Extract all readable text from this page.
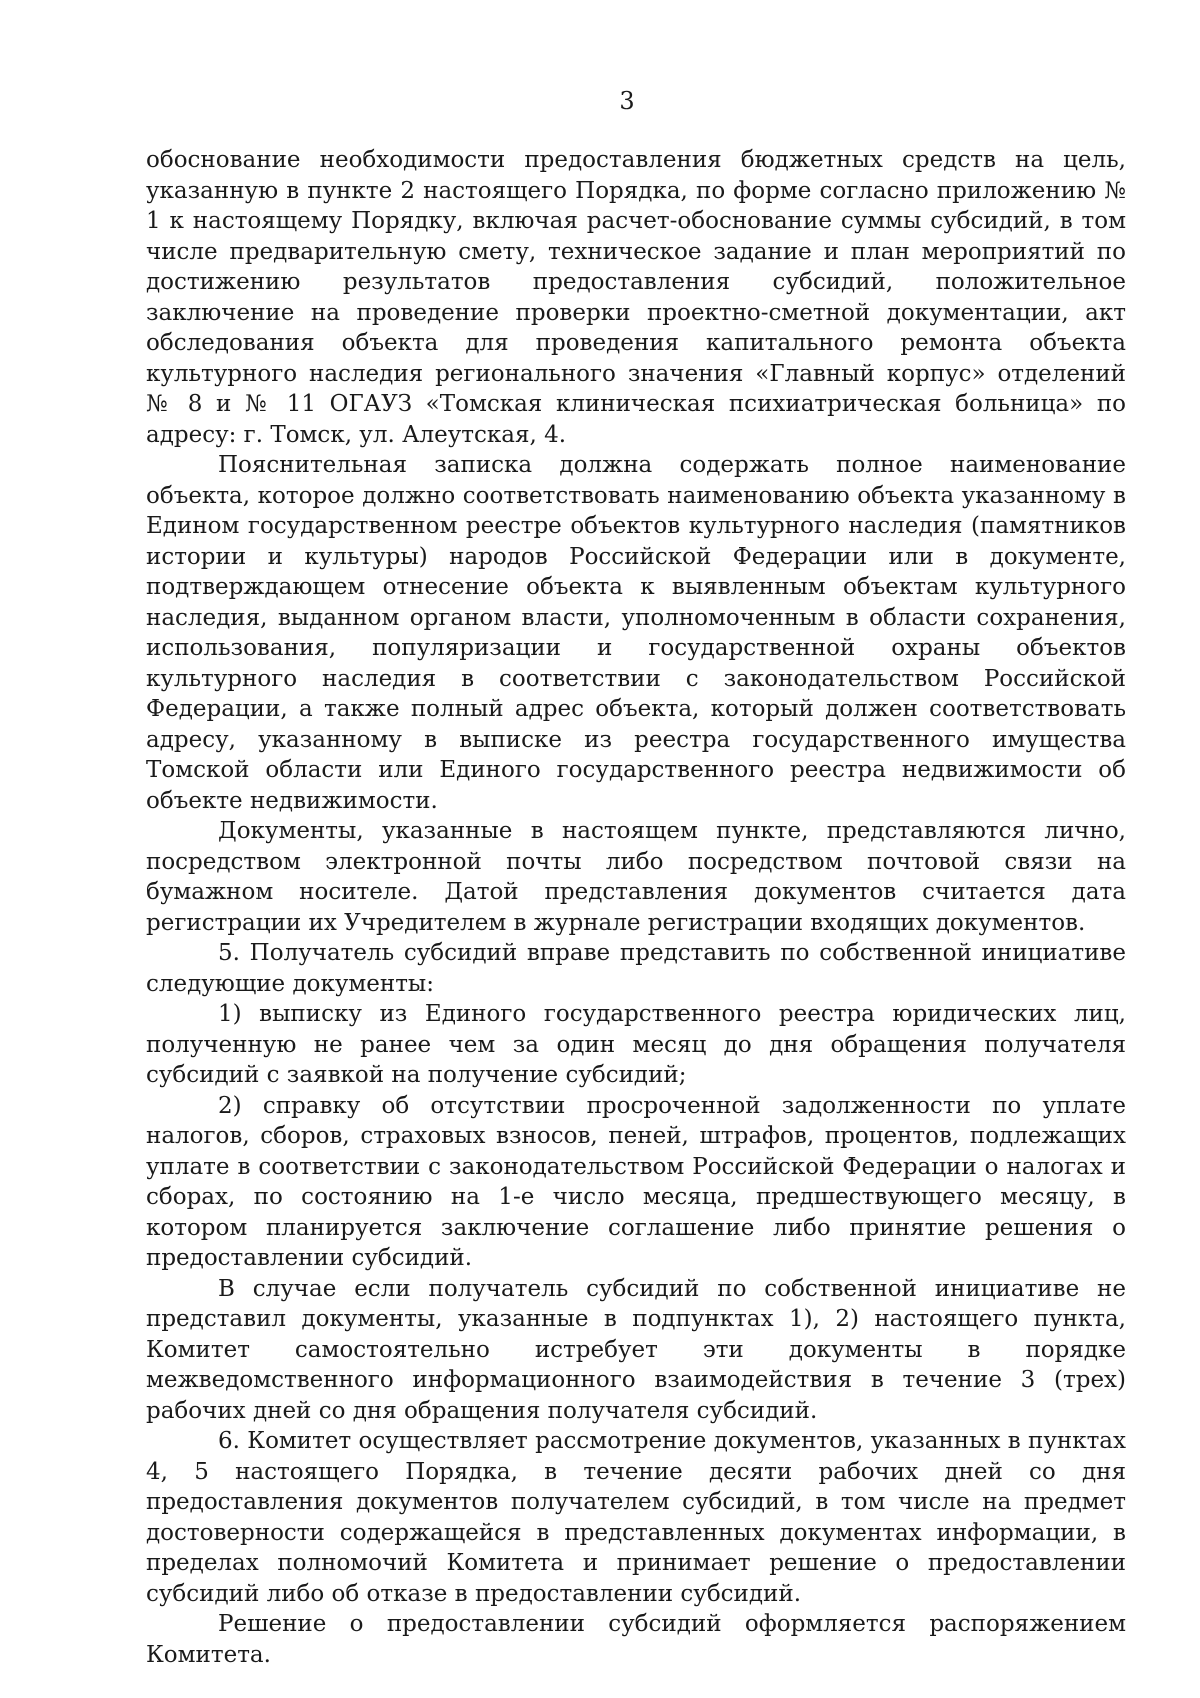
3

обоснование необходимости предоставления бюджетных средств на цель, указанную в пункте 2 настоящего Порядка, по форме согласно приложению № 1 к настоящему Порядку, включая расчет-обоснование суммы субсидий, в том числе предварительную смету, техническое задание и план мероприятий по достижению результатов предоставления субсидий, положительное заключение на проведение проверки проектно-сметной документации, акт обследования объекта для проведения капитального ремонта объекта культурного наследия регионального значения «Главный корпус» отделений № 8 и № 11 ОГАУЗ «Томская клиническая психиатрическая больница» по адресу: г. Томск, ул. Алеутская, 4.

Пояснительная записка должна содержать полное наименование объекта, которое должно соответствовать наименованию объекта указанному в Едином государственном реестре объектов культурного наследия (памятников истории и культуры) народов Российской Федерации или в документе, подтверждающем отнесение объекта к выявленным объектам культурного наследия, выданном органом власти, уполномоченным в области сохранения, использования, популяризации и государственной охраны объектов культурного наследия в соответствии с законодательством Российской Федерации, а также полный адрес объекта, который должен соответствовать адресу, указанному в выписке из реестра государственного имущества Томской области или Единого государственного реестра недвижимости об объекте недвижимости.

Документы, указанные в настоящем пункте, представляются лично, посредством электронной почты либо посредством почтовой связи на бумажном носителе. Датой представления документов считается дата регистрации их Учредителем в журнале регистрации входящих документов.

5. Получатель субсидий вправе представить по собственной инициативе следующие документы:

1) выписку из Единого государственного реестра юридических лиц, полученную не ранее чем за один месяц до дня обращения получателя субсидий с заявкой на получение субсидий;

2) справку об отсутствии просроченной задолженности по уплате налогов, сборов, страховых взносов, пеней, штрафов, процентов, подлежащих уплате в соответствии с законодательством Российской Федерации о налогах и сборах, по состоянию на 1-е число месяца, предшествующего месяцу, в котором планируется заключение соглашение либо принятие решения о предоставлении субсидий.

В случае если получатель субсидий по собственной инициативе не представил документы, указанные в подпунктах 1), 2) настоящего пункта, Комитет самостоятельно истребует эти документы в порядке межведомственного информационного взаимодействия в течение 3 (трех) рабочих дней со дня обращения получателя субсидий.

6. Комитет осуществляет рассмотрение документов, указанных в пунктах 4, 5 настоящего Порядка, в течение десяти рабочих дней со дня предоставления документов получателем субсидий, в том числе на предмет достоверности содержащейся в представленных документах информации, в пределах полномочий Комитета и принимает решение о предоставлении субсидий либо об отказе в предоставлении субсидий.

Решение о предоставлении субсидий оформляется распоряжением Комитета.
